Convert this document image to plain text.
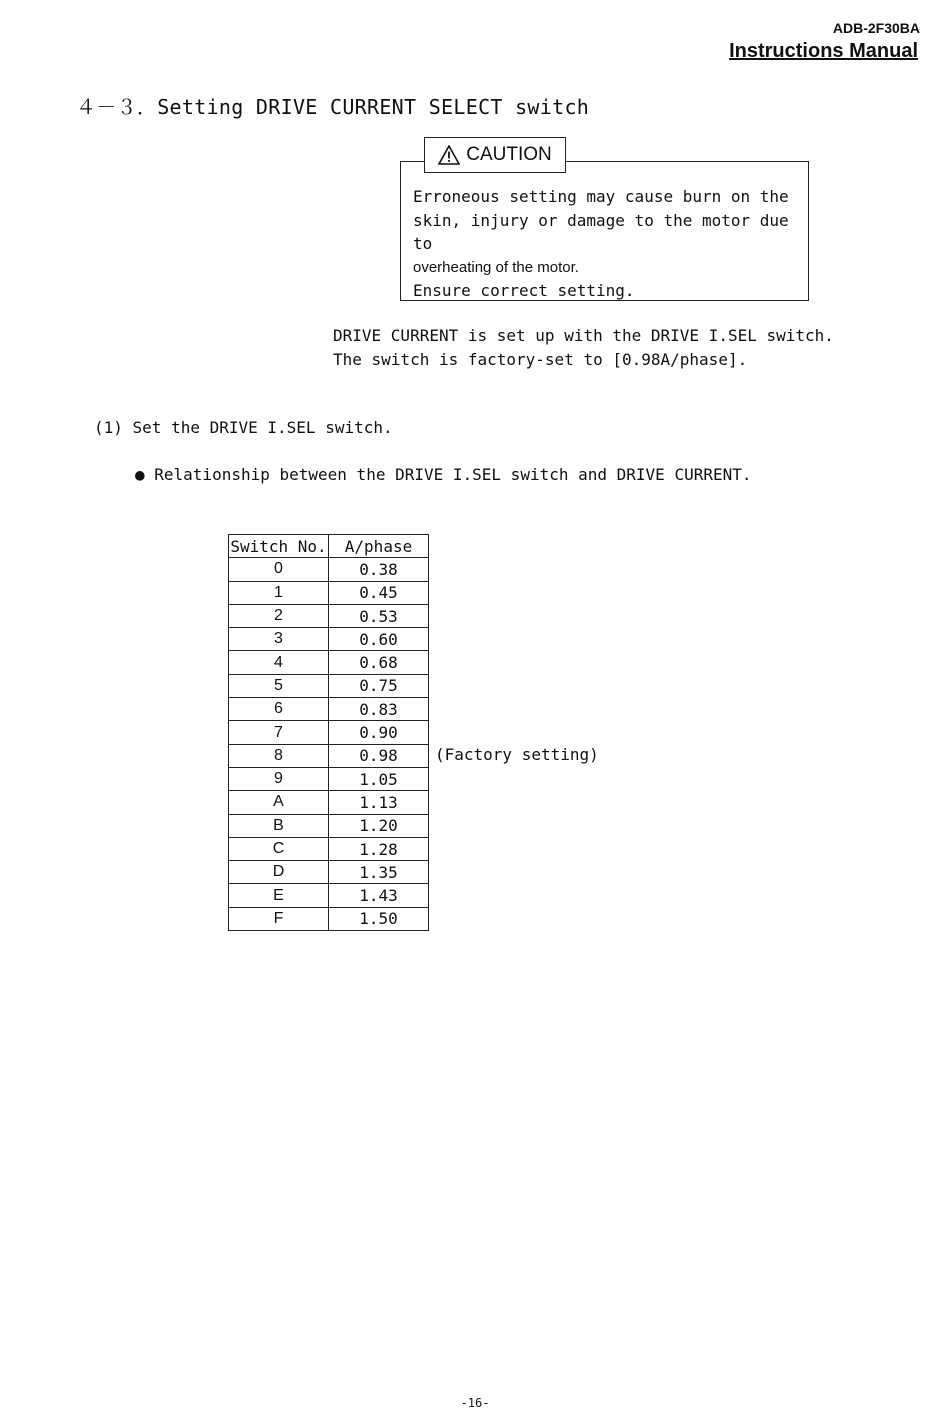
ADB-2F30BA
Instructions Manual
４－３．Setting DRIVE CURRENT SELECT switch
CAUTION
Erroneous setting may cause burn on the
skin, injury or damage to the motor due to
overheating of the motor.
Ensure correct setting.
DRIVE CURRENT is set up with the DRIVE I.SEL switch.
The switch is factory-set to [0.98A/phase].
(1) Set the DRIVE I.SEL switch.
● Relationship between the DRIVE I.SEL switch and DRIVE CURRENT.
Switch No.	A/phase
0	0.38
1	0.45
2	0.53
3	0.60
4	0.68
5	0.75
6	0.83
7	0.90
8	0.98
9	1.05
A	1.13
B	1.20
C	1.28
D	1.35
E	1.43
F	1.50
(Factory setting)
-16-
